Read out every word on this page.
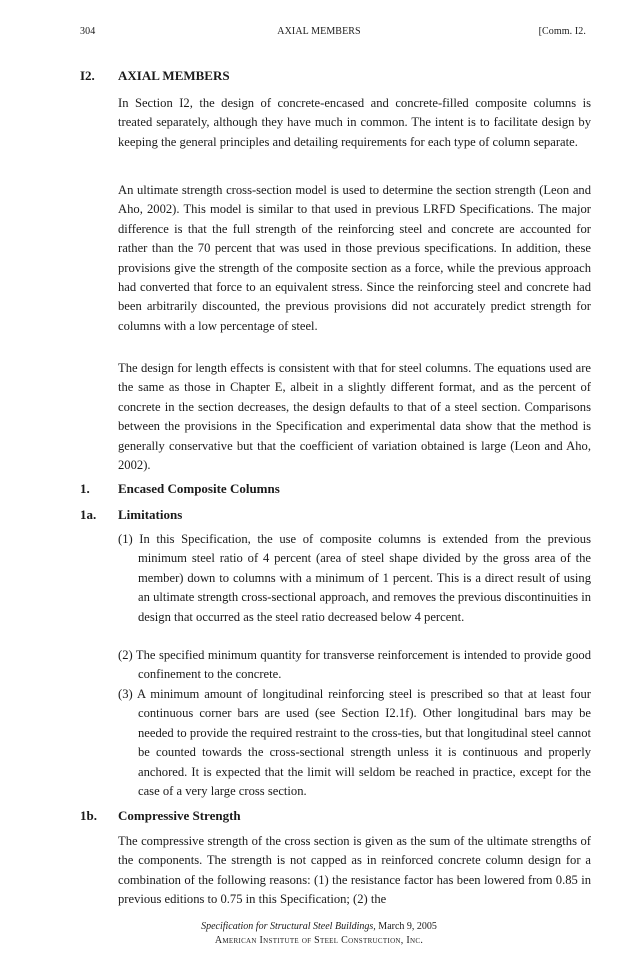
304	AXIAL MEMBERS	[Comm. I2.
I2. AXIAL MEMBERS
In Section I2, the design of concrete-encased and concrete-filled composite columns is treated separately, although they have much in common. The intent is to facilitate design by keeping the general principles and detailing requirements for each type of column separate.
An ultimate strength cross-section model is used to determine the section strength (Leon and Aho, 2002). This model is similar to that used in previous LRFD Specifications. The major difference is that the full strength of the reinforcing steel and concrete are accounted for rather than the 70 percent that was used in those previous specifications. In addition, these provisions give the strength of the composite section as a force, while the previous approach had converted that force to an equivalent stress. Since the reinforcing steel and concrete had been arbitrarily discounted, the previous provisions did not accurately predict strength for columns with a low percentage of steel.
The design for length effects is consistent with that for steel columns. The equations used are the same as those in Chapter E, albeit in a slightly different format, and as the percent of concrete in the section decreases, the design defaults to that of a steel section. Comparisons between the provisions in the Specification and experimental data show that the method is generally conservative but that the coefficient of variation obtained is large (Leon and Aho, 2002).
1. Encased Composite Columns
1a. Limitations
(1) In this Specification, the use of composite columns is extended from the previous minimum steel ratio of 4 percent (area of steel shape divided by the gross area of the member) down to columns with a minimum of 1 percent. This is a direct result of using an ultimate strength cross-sectional approach, and removes the previous discontinuities in design that occurred as the steel ratio decreased below 4 percent.
(2) The specified minimum quantity for transverse reinforcement is intended to provide good confinement to the concrete.
(3) A minimum amount of longitudinal reinforcing steel is prescribed so that at least four continuous corner bars are used (see Section I2.1f). Other longitudinal bars may be needed to provide the required restraint to the cross-ties, but that longitudinal steel cannot be counted towards the cross-sectional strength unless it is continuous and properly anchored. It is expected that the limit will seldom be reached in practice, except for the case of a very large cross section.
1b. Compressive Strength
The compressive strength of the cross section is given as the sum of the ultimate strengths of the components. The strength is not capped as in reinforced concrete column design for a combination of the following reasons: (1) the resistance factor has been lowered from 0.85 in previous editions to 0.75 in this Specification; (2) the
Specification for Structural Steel Buildings, March 9, 2005
American Institute of Steel Construction, Inc.
